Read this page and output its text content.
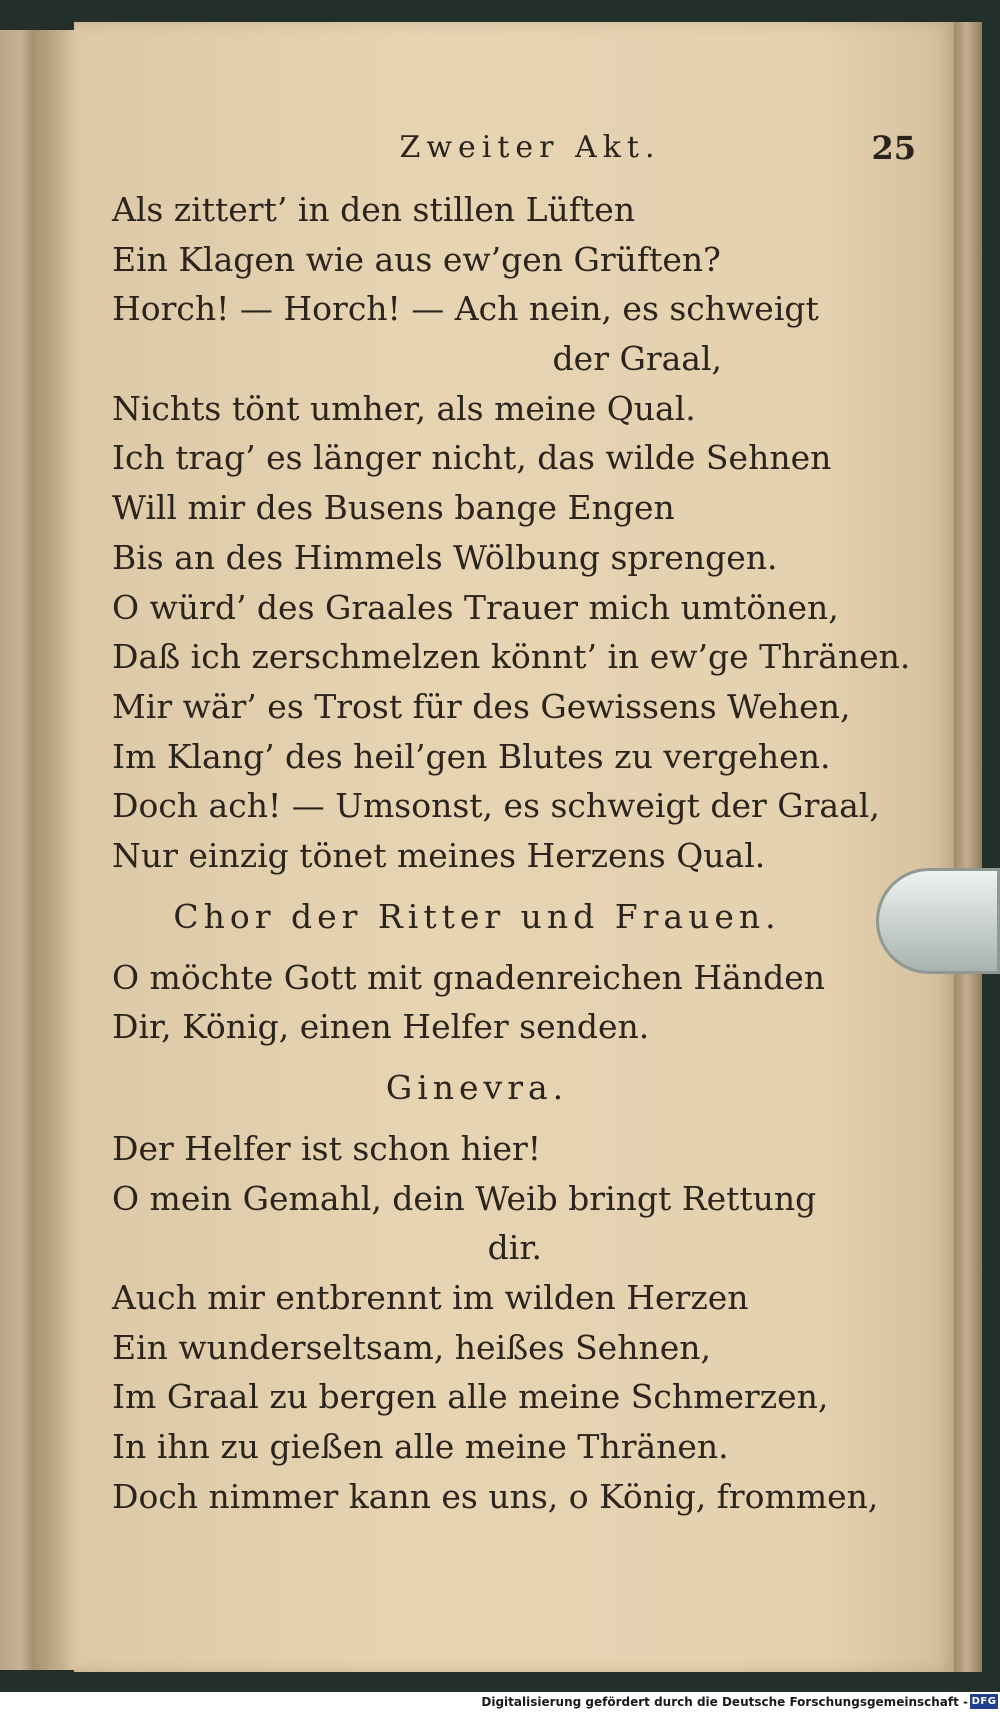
Zweiter Akt.	25
Als zittert’ in den stillen Lüften
Ein Klagen wie aus ew’gen Grüften?
Horch! — Horch! — Ach nein, es schweigt
der Graal,
Nichts tönt umher, als meine Qual.
Ich trag’ es länger nicht, das wilde Sehnen
Will mir des Busens bange Engen
Bis an des Himmels Wölbung sprengen.
O würd’ des Graales Trauer mich umtönen,
Daß ich zerschmelzen könnt’ in ew’ge Thränen.
Mir wär’ es Trost für des Gewissens Wehen,
Im Klang’ des heil’gen Blutes zu vergehen.
Doch ach! — Umsonst, es schweigt der Graal,
Nur einzig tönet meines Herzens Qual.
Chor der Ritter und Frauen.
O möchte Gott mit gnadenreichen Händen
Dir, König, einen Helfer senden.
Ginevra.
Der Helfer ist schon hier!
O mein Gemahl, dein Weib bringt Rettung
dir.
Auch mir entbrennt im wilden Herzen
Ein wunderseltsam, heißes Sehnen,
Im Graal zu bergen alle meine Schmerzen,
In ihn zu gießen alle meine Thränen.
Doch nimmer kann es uns, o König, frommen,
Digitalisierung gefördert durch die Deutsche Forschungsgemeinschaft - DFG
